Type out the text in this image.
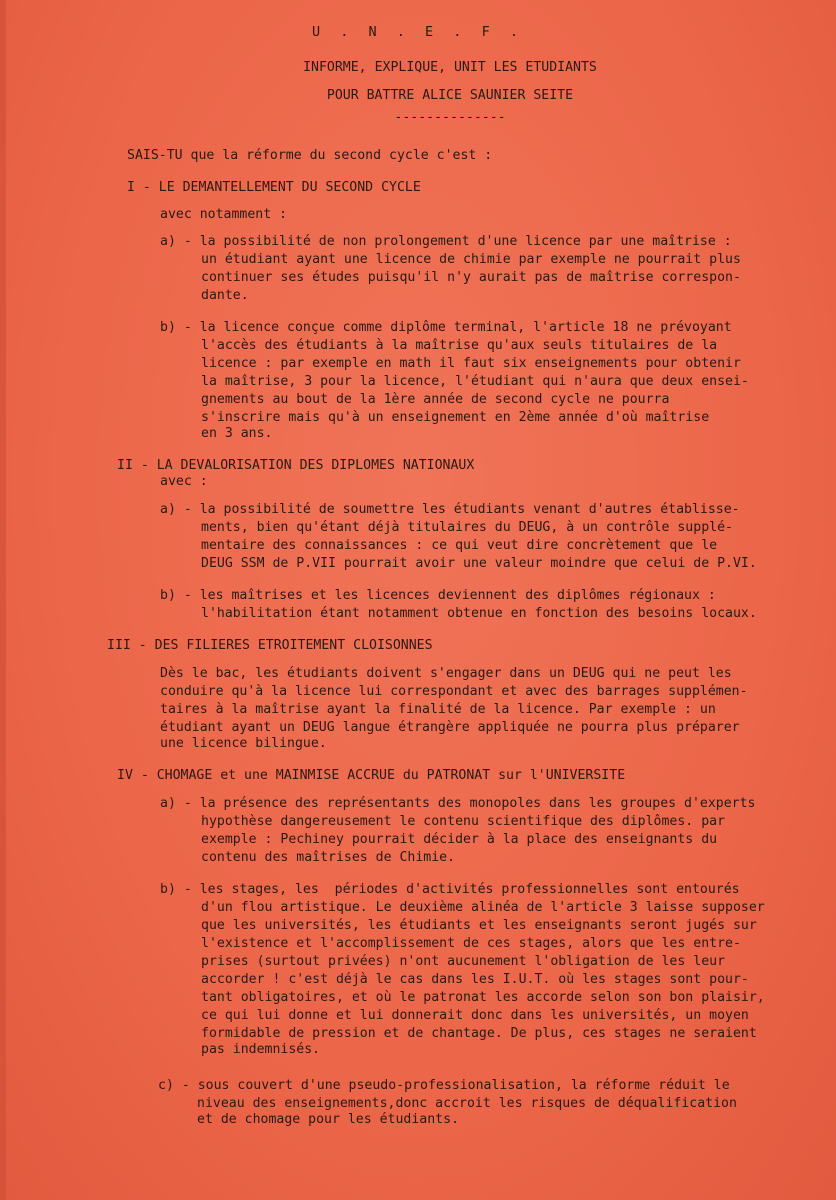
U . N . E . F .
INFORME, EXPLIQUE, UNIT LES ETUDIANTS
POUR BATTRE ALICE SAUNIER SEITE
--------------
SAIS-TU que la réforme du second cycle c'est :
I - LE DEMANTELLEMENT DU SECOND CYCLE
avec notamment :
a) - la possibilité de non prolongement d'une licence par une maîtrise :
un étudiant ayant une licence de chimie par exemple ne pourrait plus
continuer ses études puisqu'il n'y aurait pas de maîtrise correspon-
dante.
b) - la licence conçue comme diplôme terminal, l'article 18 ne prévoyant
l'accès des étudiants à la maîtrise qu'aux seuls titulaires de la
licence : par exemple en math il faut six enseignements pour obtenir
la maîtrise, 3 pour la licence, l'étudiant qui n'aura que deux ensei-
gnements au bout de la 1ère année de second cycle ne pourra
s'inscrire mais qu'à un enseignement en 2ème année d'où maîtrise
en 3 ans.
II - LA DEVALORISATION DES DIPLOMES NATIONAUX
avec :
a) - la possibilité de soumettre les étudiants venant d'autres établisse-
ments, bien qu'étant déjà titulaires du DEUG, à un contrôle supplé-
mentaire des connaissances : ce qui veut dire concrètement que le
DEUG SSM de P.VII pourrait avoir une valeur moindre que celui de P.VI.
b) - les maîtrises et les licences deviennent des diplômes régionaux :
l'habilitation étant notamment obtenue en fonction des besoins locaux.
III - DES FILIERES ETROITEMENT CLOISONNES
Dès le bac, les étudiants doivent s'engager dans un DEUG qui ne peut les
conduire qu'à la licence lui correspondant et avec des barrages supplémen-
taires à la maîtrise ayant la finalité de la licence. Par exemple : un
étudiant ayant un DEUG langue étrangère appliquée ne pourra plus préparer
une licence bilingue.
IV - CHOMAGE et une MAINMISE ACCRUE du PATRONAT sur l'UNIVERSITE
a) - la présence des représentants des monopoles dans les groupes d'experts
hypothèse dangereusement le contenu scientifique des diplômes. par
exemple : Pechiney pourrait décider à la place des enseignants du
contenu des maîtrises de Chimie.
b) - les stages, les  périodes d'activités professionnelles sont entourés
d'un flou artistique. Le deuxième alinéa de l'article 3 laisse supposer
que les universités, les étudiants et les enseignants seront jugés sur
l'existence et l'accomplissement de ces stages, alors que les entre-
prises (surtout privées) n'ont aucunement l'obligation de les leur
accorder ! c'est déjà le cas dans les I.U.T. où les stages sont pour-
tant obligatoires, et où le patronat les accorde selon son bon plaisir,
ce qui lui donne et lui donnerait donc dans les universités, un moyen
formidable de pression et de chantage. De plus, ces stages ne seraient
pas indemnisés.
c) - sous couvert d'une pseudo-professionalisation, la réforme réduit le
niveau des enseignements,donc accroit les risques de déqualification
et de chomage pour les étudiants.
